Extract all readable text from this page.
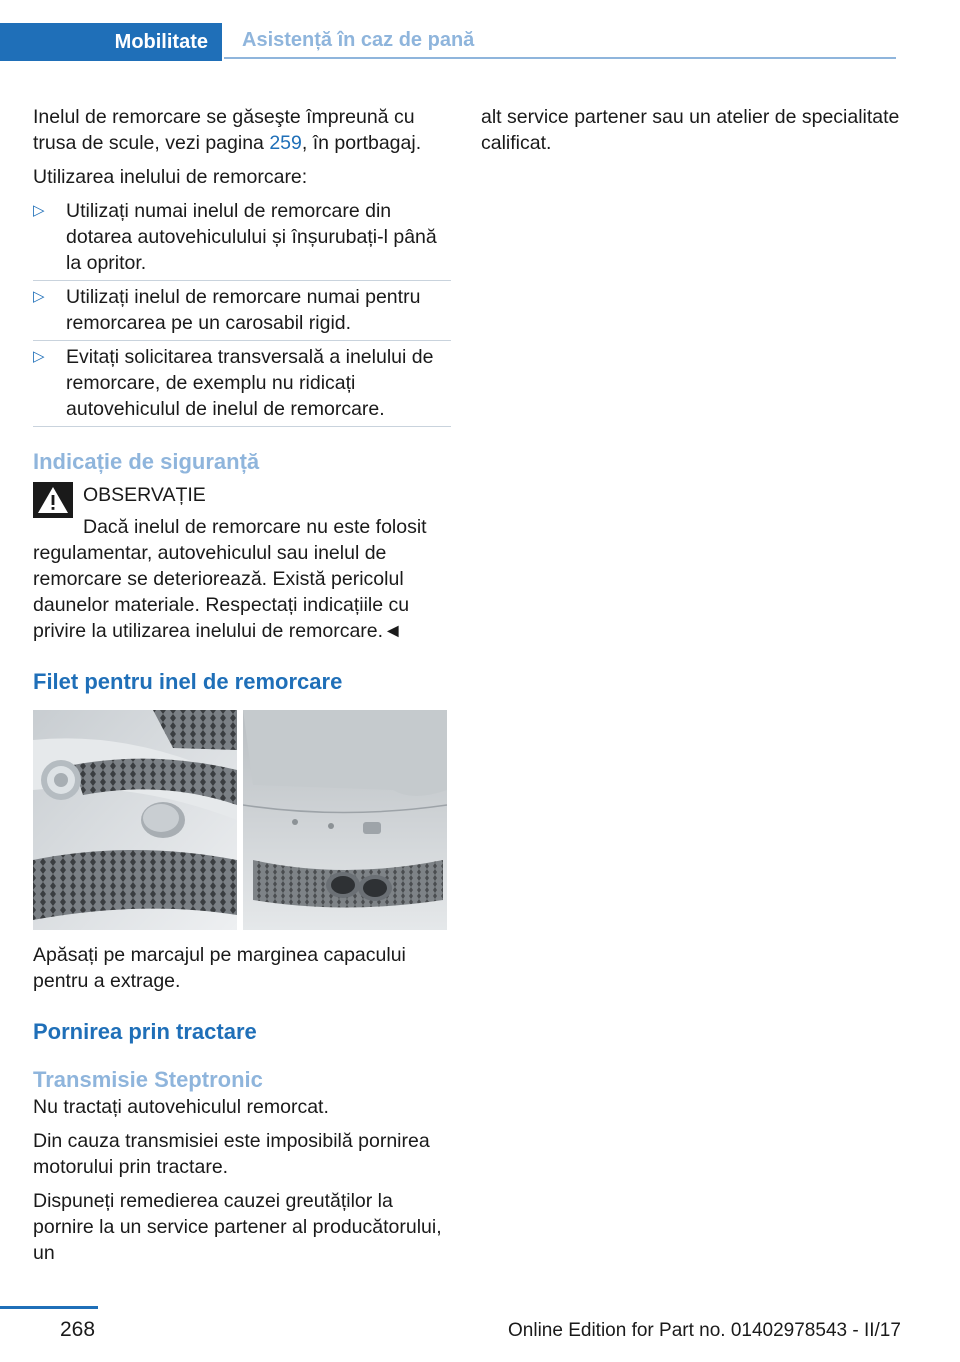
Mobilitate	Asistență în caz de pană

Inelul de remorcare se găseşte împreună cu trusa de scule, vezi pagina 259, în portbagaj.

Utilizarea inelului de remorcare:

▷ Utilizați numai inelul de remorcare din dotarea autovehiculului și înșurubați-l până la opritor.
▷ Utilizați inelul de remorcare numai pentru remorcarea pe un carosabil rigid.
▷ Evitați solicitarea transversală a inelului de remorcare, de exemplu nu ridicați autovehiculul de inelul de remorcare.
Indicație de siguranță
OBSERVAȚIE
Dacă inelul de remorcare nu este folosit regulamentar, autovehiculul sau inelul de remorcare se deteriorează. Există pericolul daunelor materiale. Respectați indicațiile cu privire la utilizarea inelului de remorcare.◄
Filet pentru inel de remorcare

Apăsați pe marcajul pe marginea capacului pentru a extrage.

Pornirea prin tractare
Transmisie Steptronic

Nu tractați autovehiculul remorcat.

Din cauza transmisiei este imposibilă pornirea motorului prin tractare.

Dispuneți remedierea cauzei greutăților la pornire la un service partener al producătorului, un

alt service partener sau un atelier de specialitate calificat.

268	Online Edition for Part no. 01402978543 - II/17
